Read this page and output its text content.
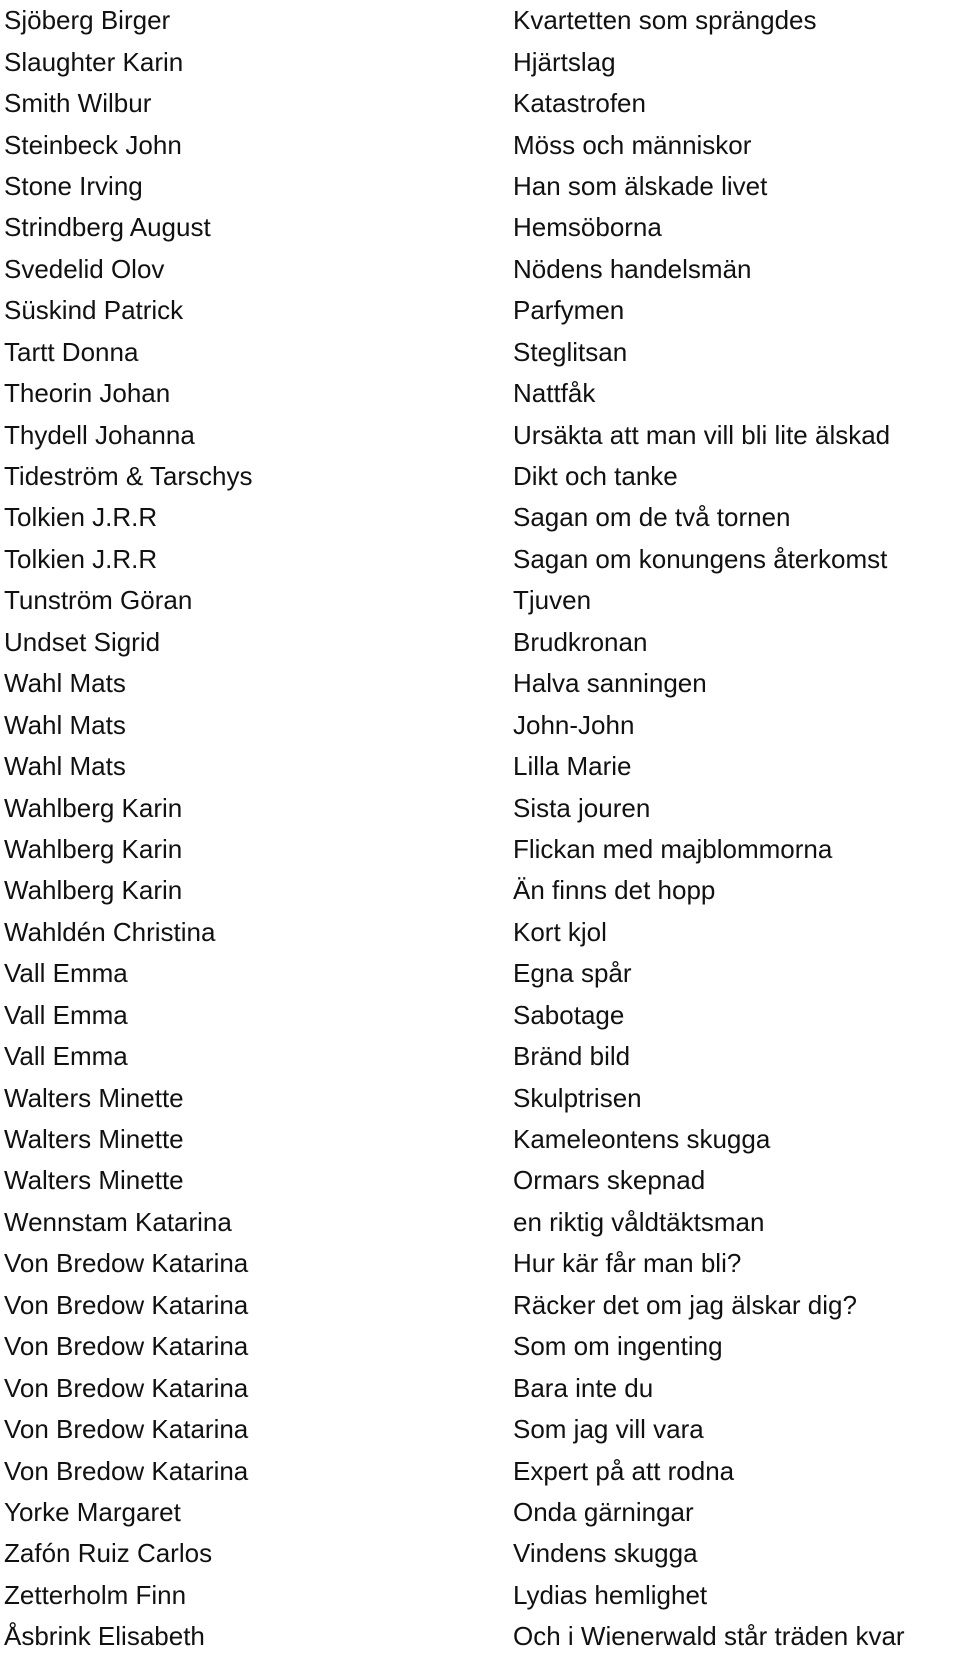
Sjöberg Birger	Kvartetten som sprängdes
Slaughter Karin	Hjärtslag
Smith Wilbur	Katastrofen
Steinbeck John	Möss och människor
Stone Irving	Han som älskade livet
Strindberg August	Hemsöborna
Svedelid Olov	Nödens handelsmän
Süskind Patrick	Parfymen
Tartt Donna	Steglitsan
Theorin Johan	Nattfåk
Thydell Johanna	Ursäkta att man vill bli lite älskad
Tideström & Tarschys	Dikt och tanke
Tolkien J.R.R	Sagan om de två tornen
Tolkien J.R.R	Sagan om konungens återkomst
Tunström Göran	Tjuven
Undset Sigrid	Brudkronan
Wahl Mats	Halva sanningen
Wahl Mats	John-John
Wahl Mats	Lilla Marie
Wahlberg Karin	Sista jouren
Wahlberg Karin	Flickan med majblommorna
Wahlberg Karin	Än finns det hopp
Wahldén Christina	Kort kjol
Vall Emma	Egna spår
Vall Emma	Sabotage
Vall Emma	Bränd bild
Walters Minette	Skulptrisen
Walters Minette	Kameleontens skugga
Walters Minette	Ormars skepnad
Wennstam Katarina	en riktig våldtäktsman
Von Bredow Katarina	Hur kär får man bli?
Von Bredow Katarina	Räcker det om jag älskar dig?
Von Bredow Katarina	Som om ingenting
Von Bredow Katarina	Bara inte du
Von Bredow Katarina	Som jag vill vara
Von Bredow Katarina	Expert på att rodna
Yorke Margaret	Onda gärningar
Zafón Ruiz Carlos	Vindens skugga
Zetterholm Finn	Lydias hemlighet
Åsbrink Elisabeth	Och i Wienerwald står träden kvar
